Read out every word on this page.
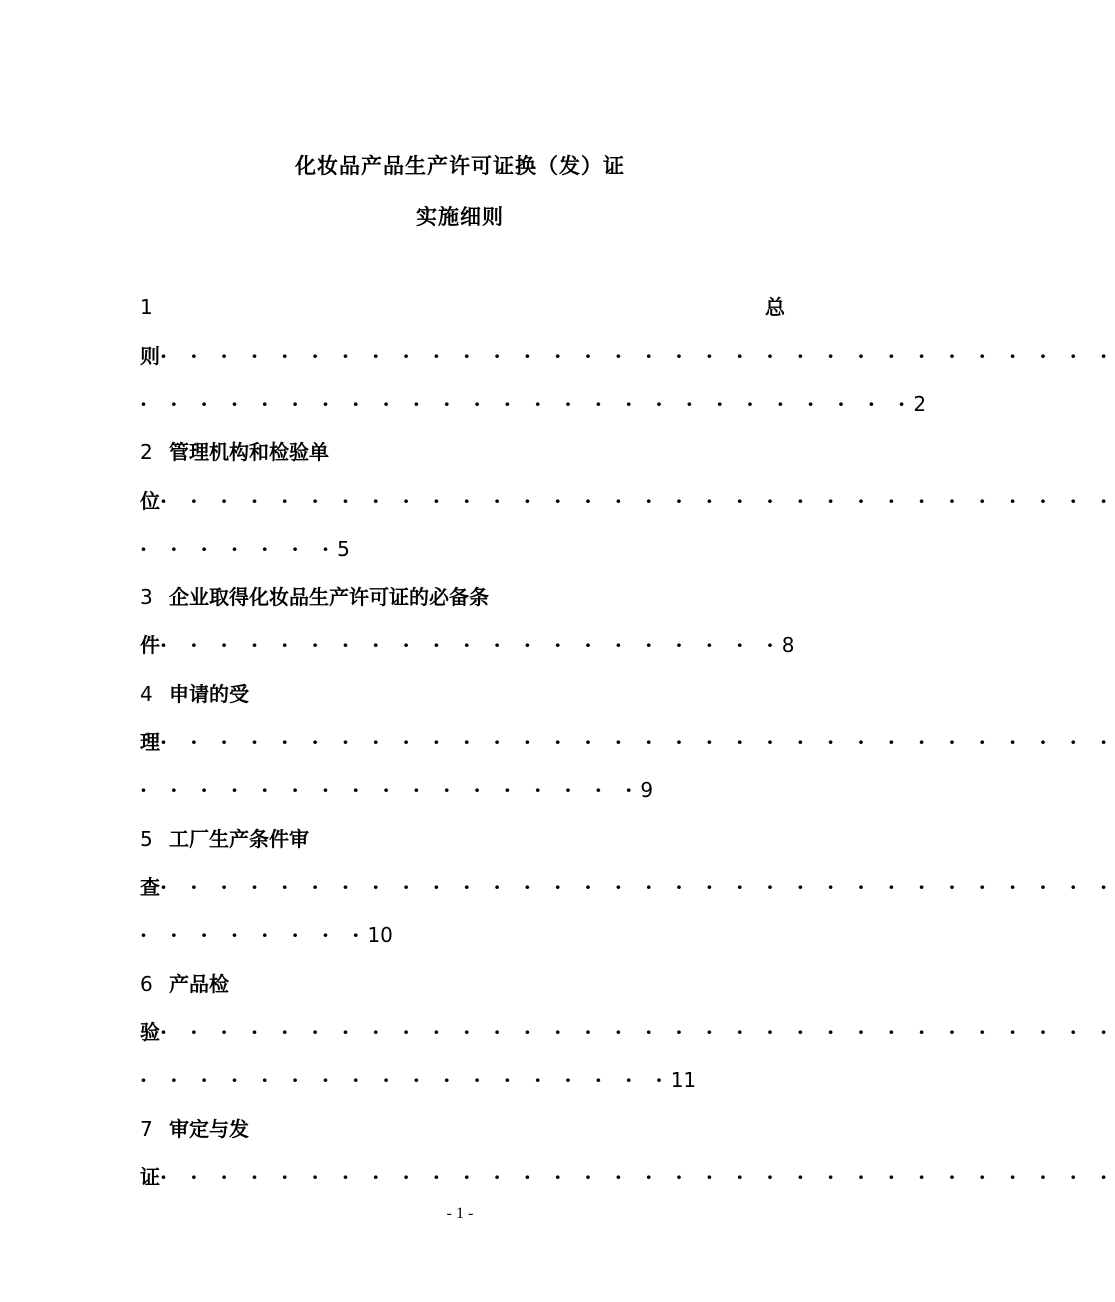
化妆品产品生产许可证换（发）证
实施细则
1	总
则· · · · · · · · · · · · · · · · · · · · · · · · · · · · · · · ·
· · · · · · · · · · · · · · · · · · · · · · · · · ·2
2 管理机构和检验单
位· · · · · · · · · · · · · · · · · · · · · · · · · · · · · · · ·
· · · · · · ·5
3 企业取得化妆品生产许可证的必备条
件· · · · · · · · · · · · · · · · · · · · ·8
4 申请的受
理· · · · · · · · · · · · · · · · · · · · · · · · · · · · · · · ·
· · · · · · · · · · · · · · · · ·9
5 工厂生产条件审
查· · · · · · · · · · · · · · · · · · · · · · · · · · · · · · · ·
· · · · · · · ·10
6 产品检
验· · · · · · · · · · · · · · · · · · · · · · · · · · · · · · · ·
· · · · · · · · · · · · · · · · · ·11
7 审定与发
证· · · · · · · · · · · · · · · · · · · · · · · · · · · · · · · ·
- 1 -
